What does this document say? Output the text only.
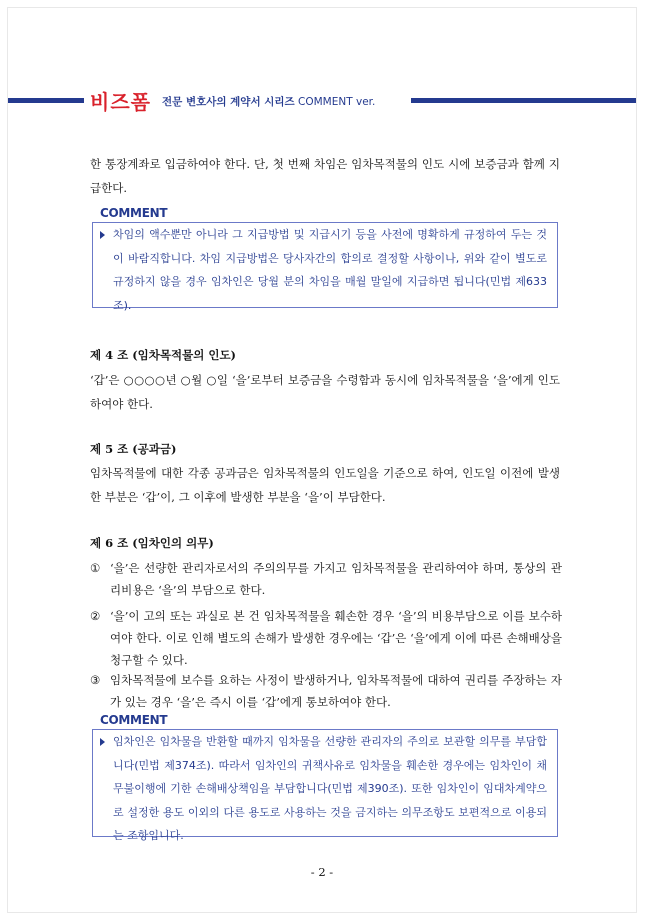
비즈폼 전문 변호사의 계약서 시리즈 COMMENT ver.
한 통장계좌로 입금하여야 한다. 단, 첫 번째 차임은 임차목적물의 인도 시에 보증금과 함께 지급한다.
COMMENT
차임의 액수뿐만 아니라 그 지급방법 및 지급시기 등을 사전에 명확하게 규정하여 두는 것이 바람직합니다. 차임 지급방법은 당사자간의 합의로 결정할 사항이나, 위와 같이 별도로 규정하지 않을 경우 임차인은 당월 분의 차임을 매월 말일에 지급하면 됩니다(민법 제633조).
제 4 조 (임차목적물의 인도)
‘갑’은 ○○○○년 ○월 ○일 ‘을’로부터 보증금을 수령함과 동시에 임차목적물을 ‘을’에게 인도하여야 한다.
제 5 조 (공과금)
임차목적물에 대한 각종 공과금은 임차목적물의 인도일을 기준으로 하여, 인도일 이전에 발생한 부분은 ‘갑’이, 그 이후에 발생한 부분을 ‘을’이 부담한다.
제 6 조 (임차인의 의무)
① ‘을’은 선량한 관리자로서의 주의의무를 가지고 임차목적물을 관리하여야 하며, 통상의 관리비용은 ‘을’의 부담으로 한다.
② ‘을’이 고의 또는 과실로 본 건 임차목적물을 훼손한 경우 ‘을’의 비용부담으로 이를 보수하여야 한다. 이로 인해 별도의 손해가 발생한 경우에는 ‘갑’은 ‘을’에게 이에 따른 손해배상을 청구할 수 있다.
③ 임차목적물에 보수를 요하는 사정이 발생하거나, 임차목적물에 대하여 권리를 주장하는 자가 있는 경우 ‘을’은 즉시 이를 ‘갑’에게 통보하여야 한다.
COMMENT
임차인은 임차물을 반환할 때까지 임차물을 선량한 관리자의 주의로 보관할 의무를 부담합니다(민법 제374조). 따라서 임차인의 귀책사유로 임차물을 훼손한 경우에는 임차인이 채무불이행에 기한 손해배상책임을 부담합니다(민법 제390조). 또한 임차인이 임대차계약으로 설정한 용도 이외의 다른 용도로 사용하는 것을 금지하는 의무조항도 보편적으로 이용되는 조항입니다.
- 2 -
